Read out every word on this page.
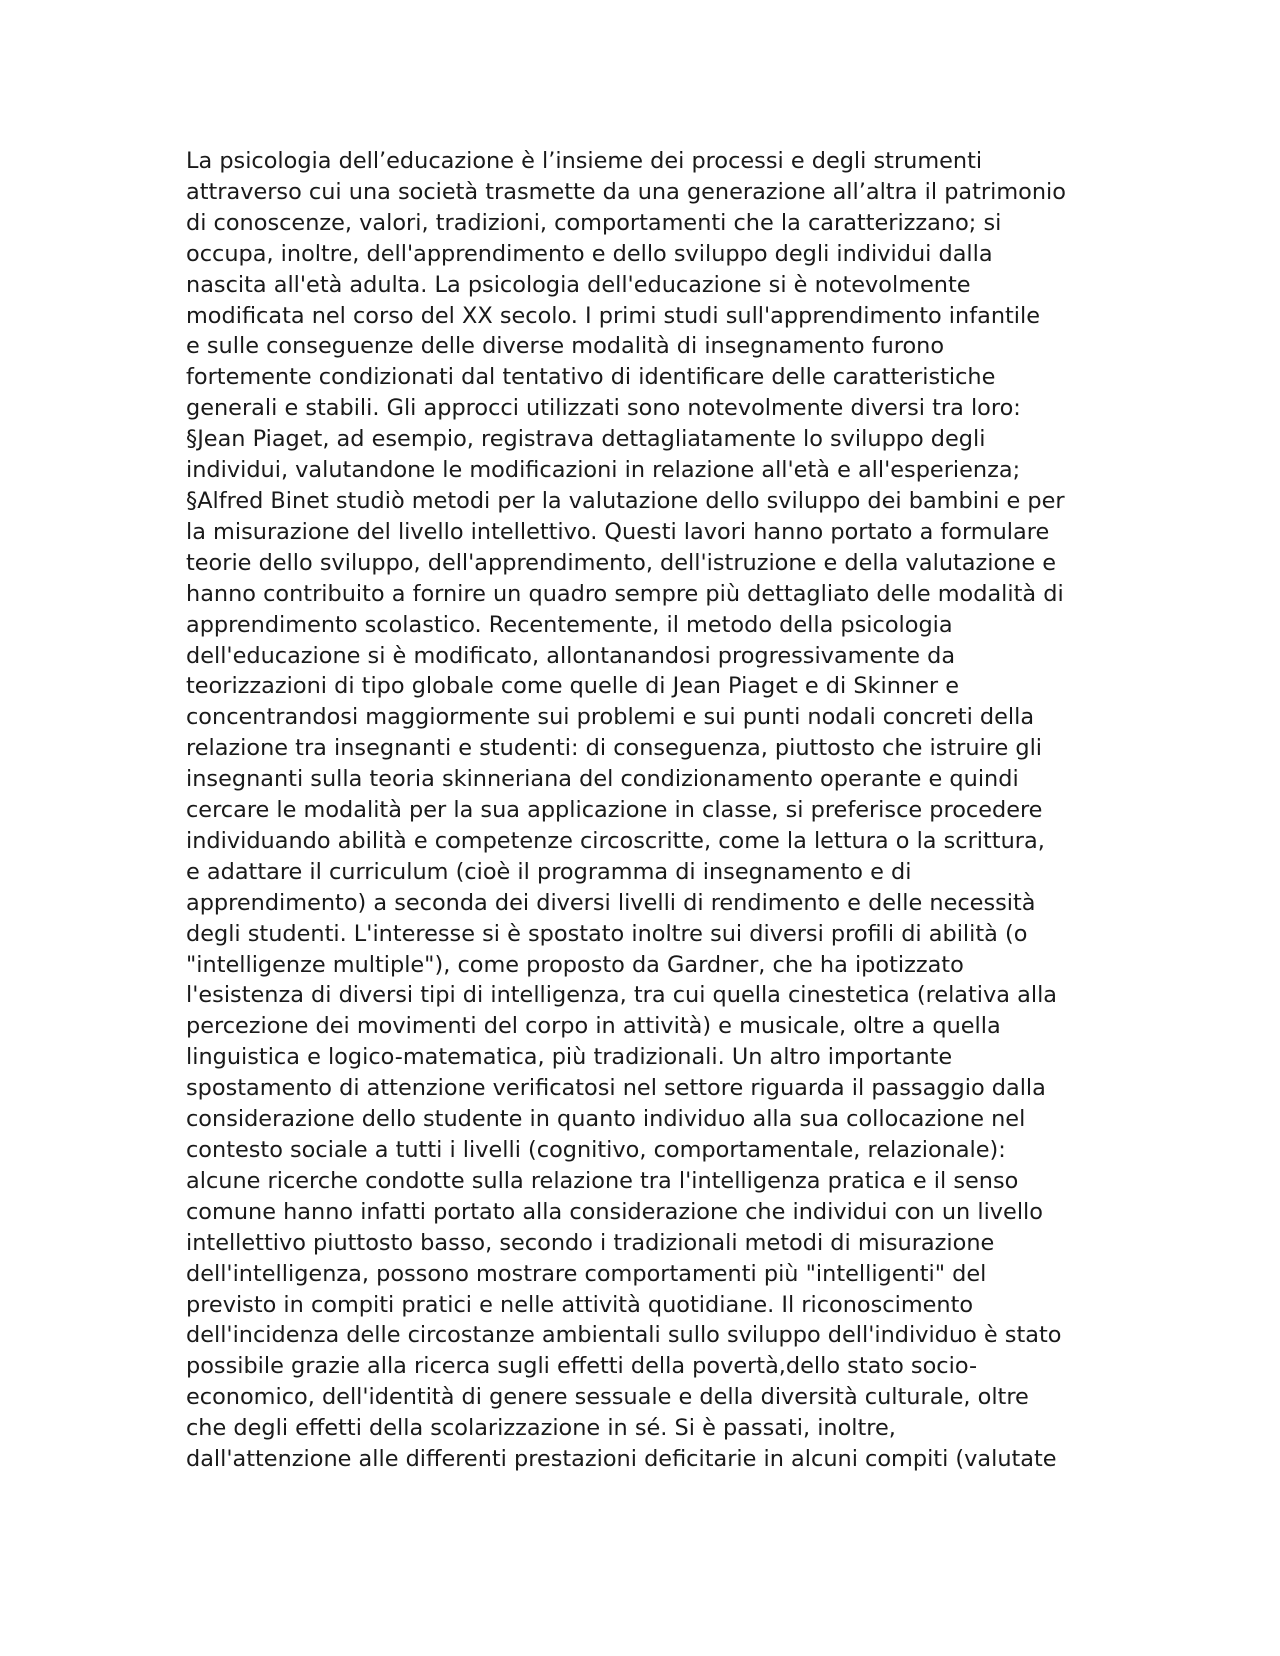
La psicologia dell’educazione è l’insieme dei processi e degli strumenti
attraverso cui una società trasmette da una generazione all’altra il patrimonio
di conoscenze, valori, tradizioni, comportamenti che la caratterizzano; si
occupa, inoltre, dell'apprendimento e dello sviluppo degli individui dalla
nascita all'età adulta. La psicologia dell'educazione si è notevolmente
modificata nel corso del XX secolo. I primi studi sull'apprendimento infantile
e sulle conseguenze delle diverse modalità di insegnamento furono
fortemente condizionati dal tentativo di identificare delle caratteristiche
generali e stabili. Gli approcci utilizzati sono notevolmente diversi tra loro:
§Jean Piaget, ad esempio, registrava dettagliatamente lo sviluppo degli
individui, valutandone le modificazioni in relazione all'età e all'esperienza;
§Alfred Binet studiò metodi per la valutazione dello sviluppo dei bambini e per
la misurazione del livello intellettivo. Questi lavori hanno portato a formulare
teorie dello sviluppo, dell'apprendimento, dell'istruzione e della valutazione e
hanno contribuito a fornire un quadro sempre più dettagliato delle modalità di
apprendimento scolastico. Recentemente, il metodo della psicologia
dell'educazione si è modificato, allontanandosi progressivamente da
teorizzazioni di tipo globale come quelle di Jean Piaget e di Skinner e
concentrandosi maggiormente sui problemi e sui punti nodali concreti della
relazione tra insegnanti e studenti: di conseguenza, piuttosto che istruire gli
insegnanti sulla teoria skinneriana del condizionamento operante e quindi
cercare le modalità per la sua applicazione in classe, si preferisce procedere
individuando abilità e competenze circoscritte, come la lettura o la scrittura,
e adattare il curriculum (cioè il programma di insegnamento e di
apprendimento) a seconda dei diversi livelli di rendimento e delle necessità
degli studenti. L'interesse si è spostato inoltre sui diversi profili di abilità (o
"intelligenze multiple"), come proposto da Gardner, che ha ipotizzato
l'esistenza di diversi tipi di intelligenza, tra cui quella cinestetica (relativa alla
percezione dei movimenti del corpo in attività) e musicale, oltre a quella
linguistica e logico-matematica, più tradizionali. Un altro importante
spostamento di attenzione verificatosi nel settore riguarda il passaggio dalla
considerazione dello studente in quanto individuo alla sua collocazione nel
contesto sociale a tutti i livelli (cognitivo, comportamentale, relazionale):
alcune ricerche condotte sulla relazione tra l'intelligenza pratica e il senso
comune hanno infatti portato alla considerazione che individui con un livello
intellettivo piuttosto basso, secondo i tradizionali metodi di misurazione
dell'intelligenza, possono mostrare comportamenti più "intelligenti" del
previsto in compiti pratici e nelle attività quotidiane. Il riconoscimento
dell'incidenza delle circostanze ambientali sullo sviluppo dell'individuo è stato
possibile grazie alla ricerca sugli effetti della povertà,dello stato socio-
economico, dell'identità di genere sessuale e della diversità culturale, oltre
che degli effetti della scolarizzazione in sé. Si è passati, inoltre,
dall'attenzione alle differenti prestazioni deficitarie in alcuni compiti (valutate
